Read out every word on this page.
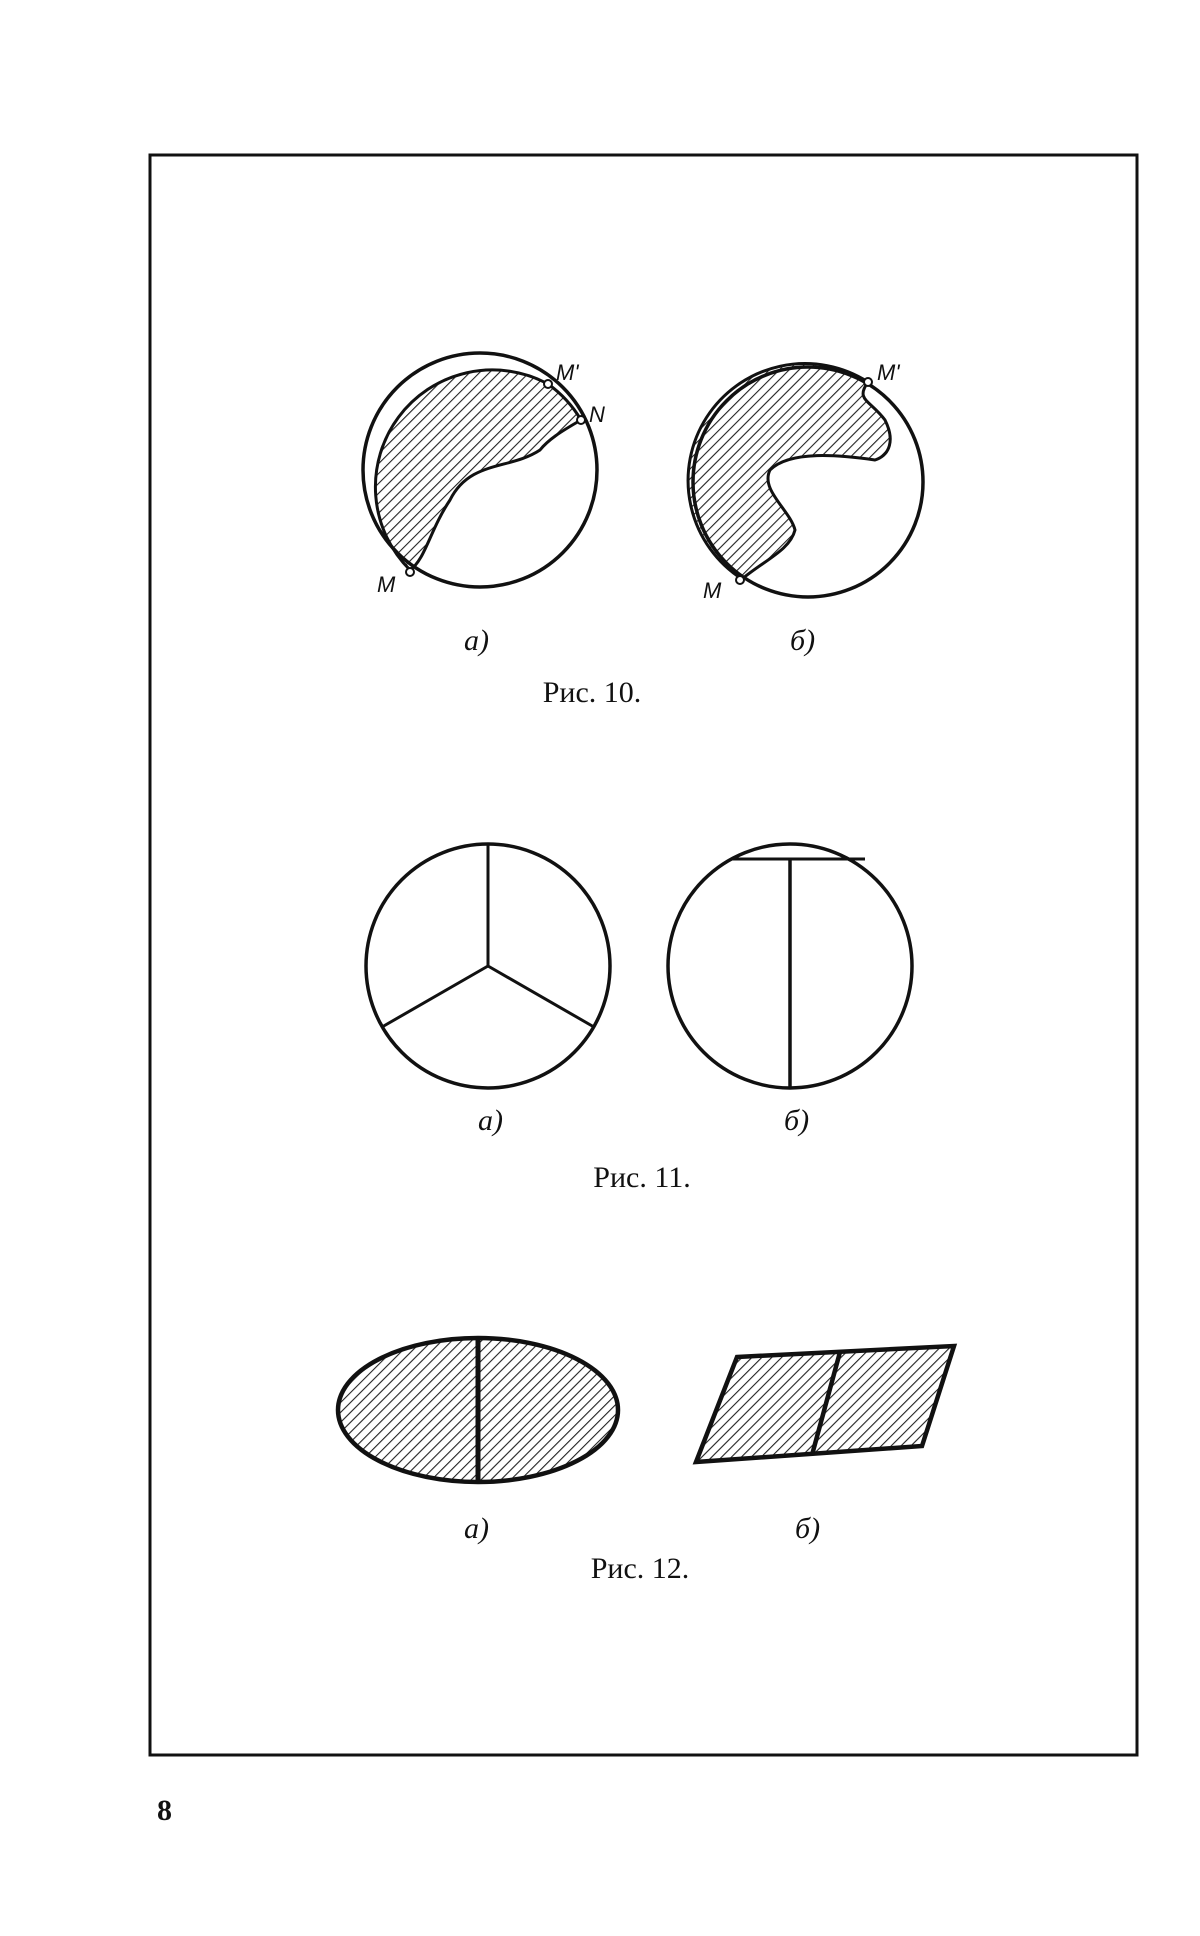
M'
N
M
а)
M'
M
б)
Рис. 10.
а)	б)
Рис. 11.
а)	б)
Рис. 12.
8
